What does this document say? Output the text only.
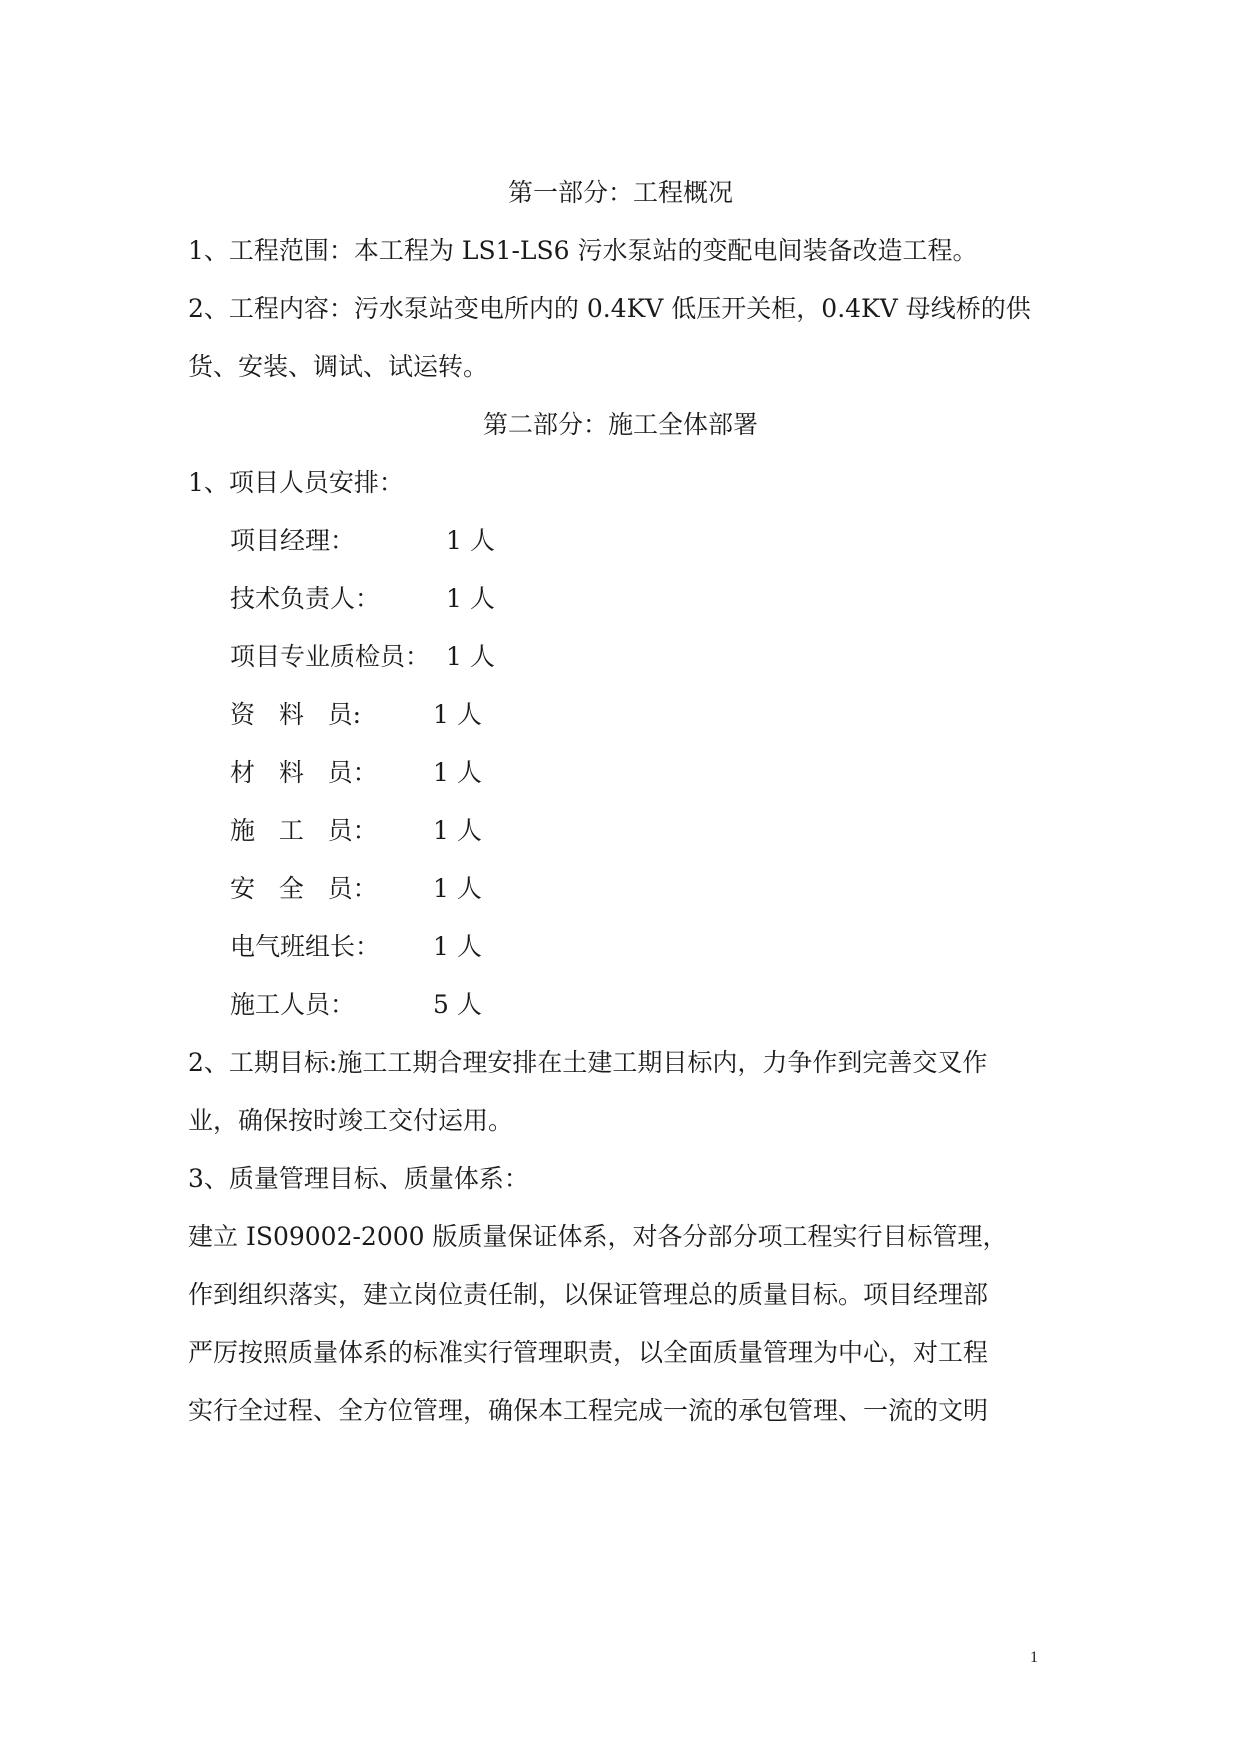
第一部分：工程概况
1、工程范围：本工程为 LS1-LS6 污水泵站的变配电间装备改造工程。
2、工程内容：污水泵站变电所内的 0.4KV 低压开关柜，0.4KV 母线桥的供
货、安装、调试、试运转。
第二部分：施工全体部署
1、项目人员安排：
项目经理：	1 人
技术负责人：	1 人
项目专业质检员： 1 人
资   料   员:	1 人
材   料   员： 1 人
施   工   员： 1 人
安   全   员： 1 人
电气班组长： 1 人
施工人员：	5 人
2、工期目标:施工工期合理安排在土建工期目标内，力争作到完善交叉作
业，确保按时竣工交付运用。
3、质量管理目标、质量体系：
建立 IS09002-2000 版质量保证体系，对各分部分项工程实行目标管理，
作到组织落实，建立岗位责任制，以保证管理总的质量目标。项目经理部
严厉按照质量体系的标准实行管理职责，以全面质量管理为中心，对工程
实行全过程、全方位管理，确保本工程完成一流的承包管理、一流的文明
1
